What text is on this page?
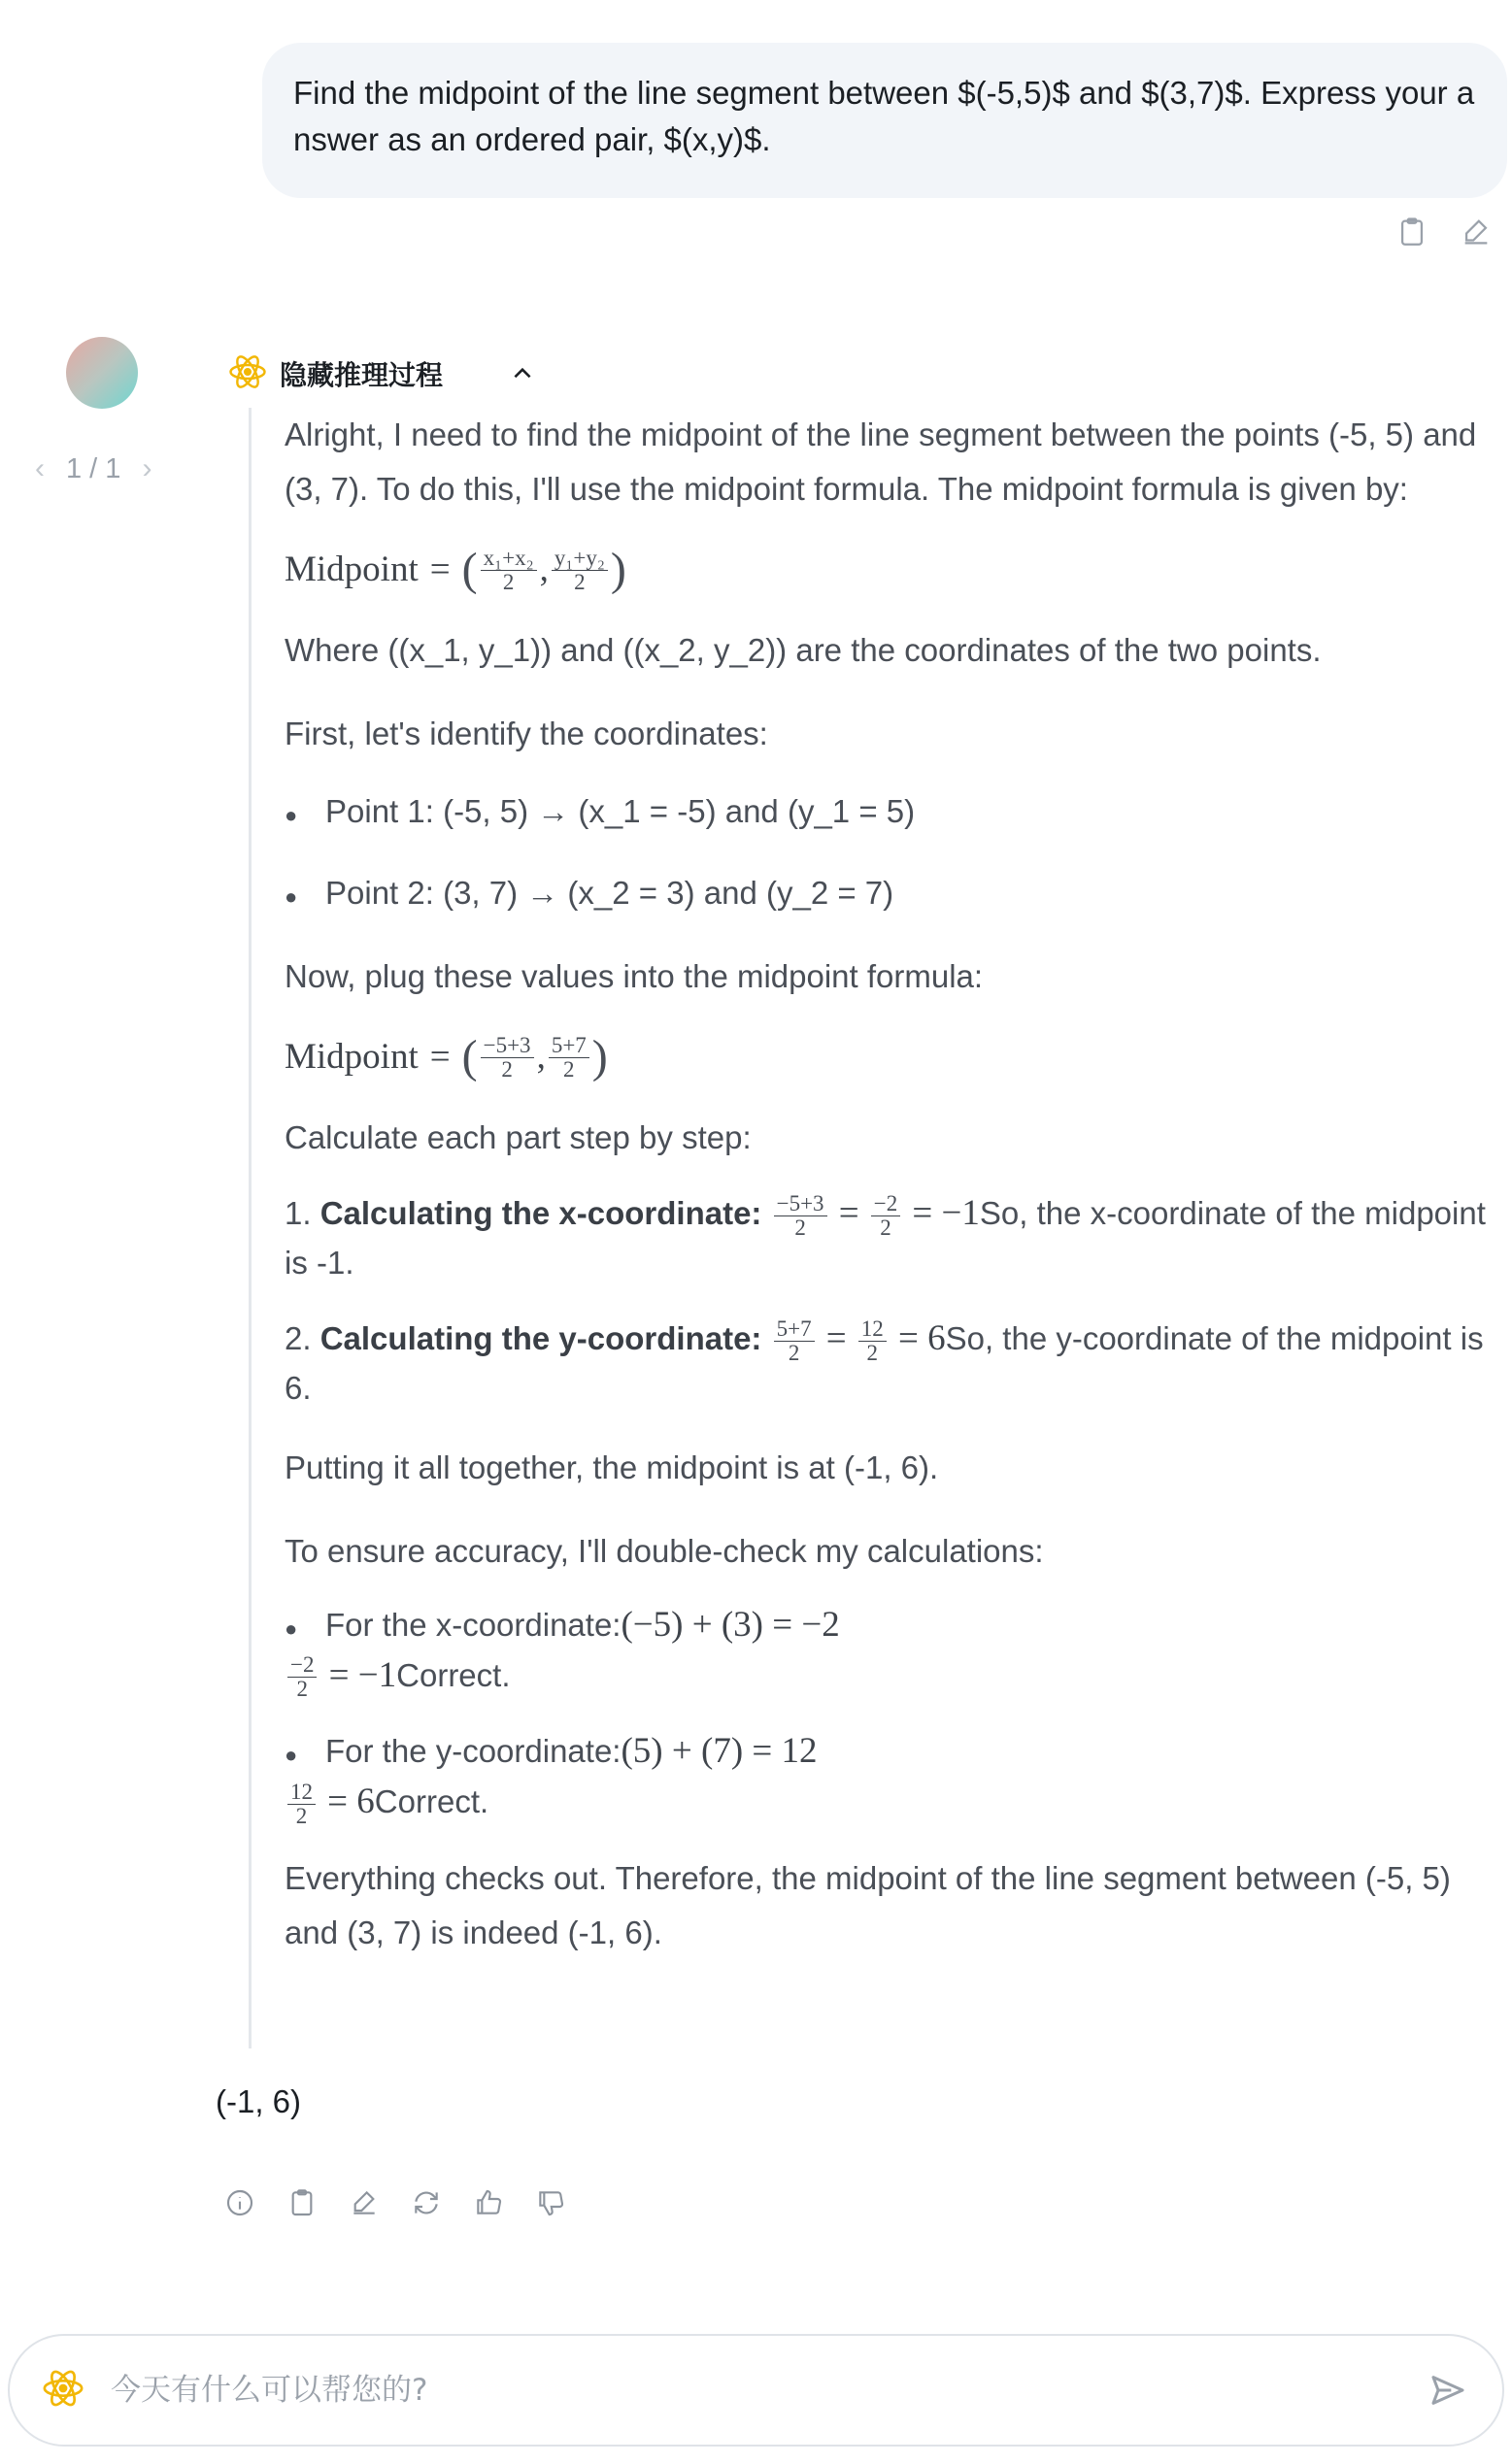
Find the midpoint of the line segment between $(-5,5)$ and $(3,7)$. Express your answer as an ordered pair, $(x,y)$.
‹ 1 / 1 ›
隐藏推理过程

Alright, I need to find the midpoint of the line segment between the points (-5, 5) and (3, 7). To do this, I'll use the midpoint formula. The midpoint formula is given by:

Midpoint = ( $\frac{\text{x₁+x₂}}{2}$ , $\frac{\text{y₁+y₂}}{2}$ )

Where ((x_1, y_1)) and ((x_2, y_2)) are the coordinates of the two points.

First, let's identify the coordinates:

● Point 1: (-5, 5) → (x_1 = -5) and (y_1 = 5)
● Point 2: (3, 7) → (x_2 = 3) and (y_2 = 7)

Now, plug these values into the midpoint formula:

Midpoint = ( $\frac{-5+3}{2}$ , $\frac{5+7}{2}$ )

Calculate each part step by step:

1. Calculating the x-coordinate: $\frac{-5+3}{2} = \frac{-2}{2} = -1So$, the x-coordinate of the midpoint is -1.
2. Calculating the y-coordinate: $\frac{5+7}{2} = \frac{12}{2} = 6So$, the y-coordinate of the midpoint is 6.

Putting it all together, the midpoint is at (-1, 6).

To ensure accuracy, I'll double-check my calculations:

● For the x-coordinate: (−5) + (3) = −2
$\frac{-2}{2}$ = −1Correct.
● For the y-coordinate: (5) + (7) = 12
$\frac{12}{2}$ = 6Correct.

Everything checks out. Therefore, the midpoint of the line segment between (-5, 5) and (3, 7) is indeed (-1, 6).

(-1, 6)
今天有什么可以帮您的?
